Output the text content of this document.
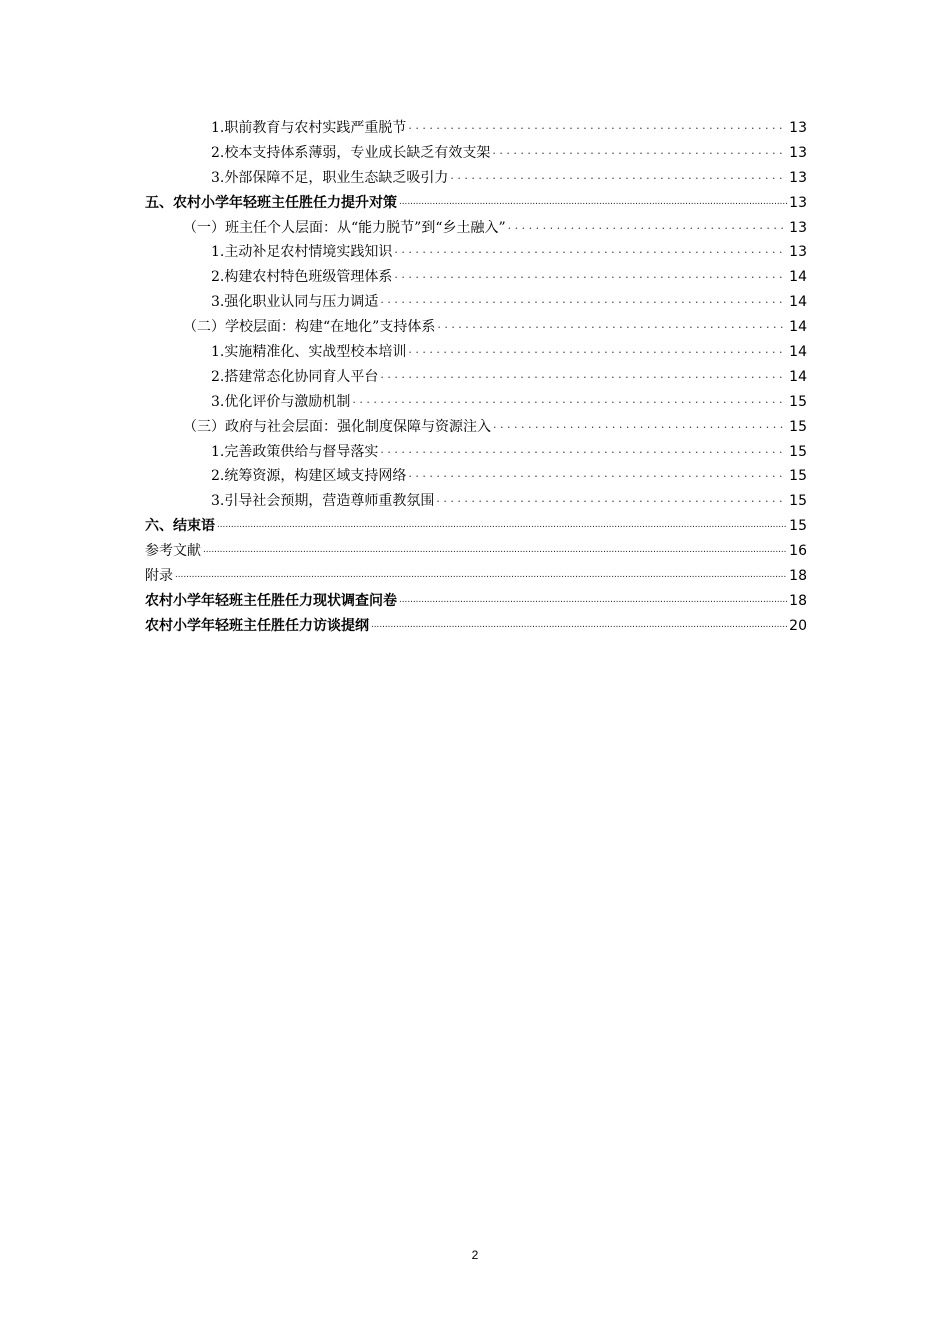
1.职前教育与农村实践严重脱节 . . .	13
2.校本支持体系薄弱，专业成长缺乏有效支架 . . .	13
3.外部保障不足，职业生态缺乏吸引力 . . .	13
五、农村小学年轻班主任胜任力提升对策 .....	13
（一）班主任个人层面：从“能力脱节”到“乡土融入” . . .	13
1.主动补足农村情境实践知识 . . .	13
2.构建农村特色班级管理体系 . . .	14
3.强化职业认同与压力调适 . . .	14
（二）学校层面：构建“在地化”支持体系 . . .	14
1.实施精准化、实战型校本培训 . . .	14
2.搭建常态化协同育人平台 . . .	14
3.优化评价与激励机制 . . .	15
（三）政府与社会层面：强化制度保障与资源注入 . . .	15
1.完善政策供给与督导落实 . . .	15
2.统筹资源，构建区域支持网络 . . .	15
3.引导社会预期，营造尊师重教氛围 . . .	15
六、结束语 .....	15
参考文献 .....	16
附录 .....	18
农村小学年轻班主任胜任力现状调查问卷 .....	18
农村小学年轻班主任胜任力访谈提纲 .....	20
2
